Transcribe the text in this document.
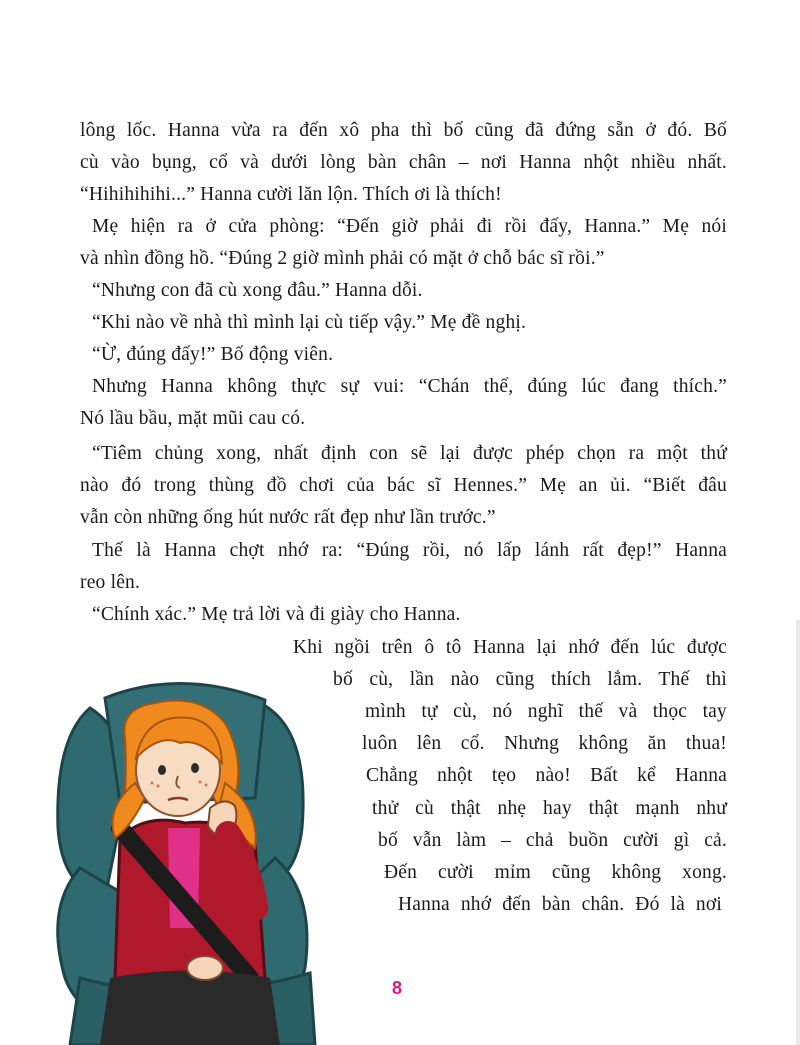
lông lốc. Hanna vừa ra đến xô pha thì bố cũng đã đứng sẵn ở đó. Bố
cù vào bụng, cổ và dưới lòng bàn chân – nơi Hanna nhột nhiều nhất.
“Hihihihihi...” Hanna cười lăn lộn. Thích ơi là thích!
Mẹ hiện ra ở cửa phòng: “Đến giờ phải đi rồi đấy, Hanna.” Mẹ nói
và nhìn đồng hồ. “Đúng 2 giờ mình phải có mặt ở chỗ bác sĩ rồi.”
“Nhưng con đã cù xong đâu.” Hanna dỗi.
“Khi nào về nhà thì mình lại cù tiếp vậy.” Mẹ đề nghị.
“Ừ, đúng đấy!” Bố động viên.
Nhưng Hanna không thực sự vui: “Chán thế, đúng lúc đang thích.”
Nó lầu bầu, mặt mũi cau có.
“Tiêm chủng xong, nhất định con sẽ lại được phép chọn ra một thứ
nào đó trong thùng đồ chơi của bác sĩ Hennes.” Mẹ an ủi. “Biết đâu
vẫn còn những ống hút nước rất đẹp như lần trước.”
Thế là Hanna chợt nhớ ra: “Đúng rồi, nó lấp lánh rất đẹp!” Hanna
reo lên.
“Chính xác.” Mẹ trả lời và đi giày cho Hanna.
Khi ngồi trên ô tô Hanna lại nhớ đến lúc được
bố cù, lần nào cũng thích lắm. Thế thì
mình tự cù, nó nghĩ thế và thọc tay
luôn lên cổ. Nhưng không ăn thua!
Chẳng nhột tẹo nào! Bất kể Hanna
thử cù thật nhẹ hay thật mạnh như
bố vẫn làm – chả buồn cười gì cả.
Đến cười mỉm cũng không xong.
Hanna nhớ đến bàn chân. Đó là nơi
8
